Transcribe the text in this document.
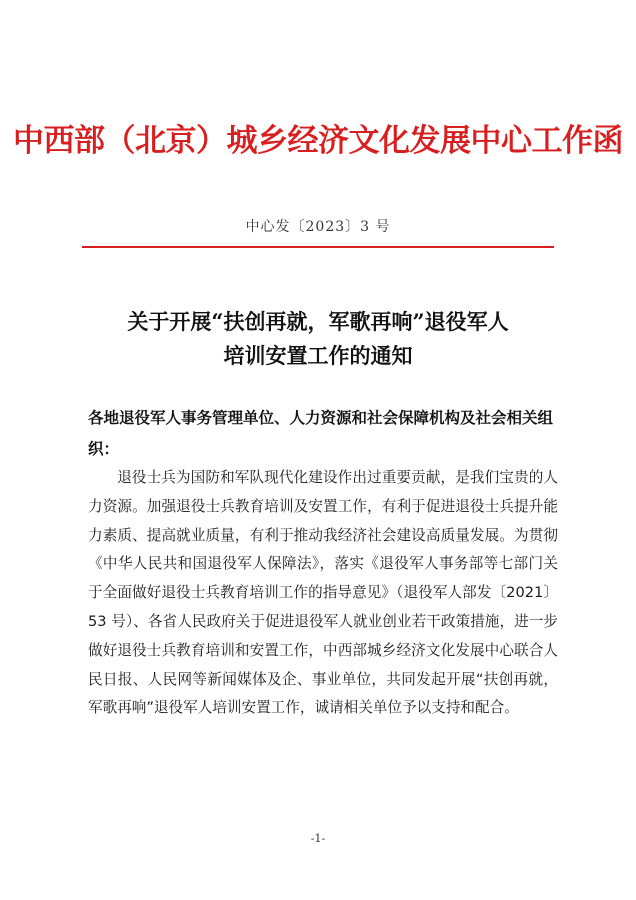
中西部（北京）城乡经济文化发展中心工作函
中心发〔2023〕3 号
关于开展“扶创再就，军歌再响”退役军人
培训安置工作的通知
各地退役军人事务管理单位、人力资源和社会保障机构及社会相关组织：
退役士兵为国防和军队现代化建设作出过重要贡献，是我们宝贵的人力资源。加强退役士兵教育培训及安置工作，有利于促进退役士兵提升能力素质、提高就业质量，有利于推动我经济社会建设高质量发展。为贯彻《中华人民共和国退役军人保障法》，落实《退役军人事务部等七部门关于全面做好退役士兵教育培训工作的指导意见》（退役军人部发〔2021〕53 号）、各省人民政府关于促进退役军人就业创业若干政策措施，进一步做好退役士兵教育培训和安置工作，中西部城乡经济文化发展中心联合人民日报、人民网等新闻媒体及企、事业单位，共同发起开展“扶创再就，军歌再响”退役军人培训安置工作，诚请相关单位予以支持和配合。
-1-
